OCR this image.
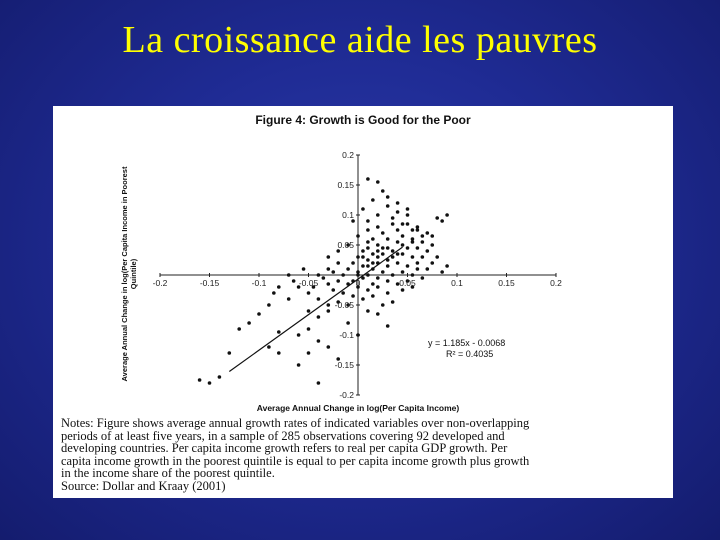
La croissance aide les pauvres
Figure 4: Growth is Good for the Poor
-0.2	-0.15	-0.1	-0.05	0	0.05	0.1	0.15	0.2
0.2
0.15
0.1
0.05
-0.05
-0.1
-0.15
-0.2
y = 1.185x - 0.0068
R² = 0.4035
Average Annual Change in log(Per Capita Income)
Average Annual Change in log(Per Capita Income in Poorest Quintile)
Notes: Figure shows average annual growth rates of indicated variables over non-overlapping
periods of at least five years, in a sample of 285 observations covering 92 developed and
developing countries. Per capita income growth refers to real per capita GDP growth. Per
capita income growth in the poorest quintile is equal to per capita income growth plus growth
in the income share of the poorest quintile.
Source: Dollar and Kraay (2001)
